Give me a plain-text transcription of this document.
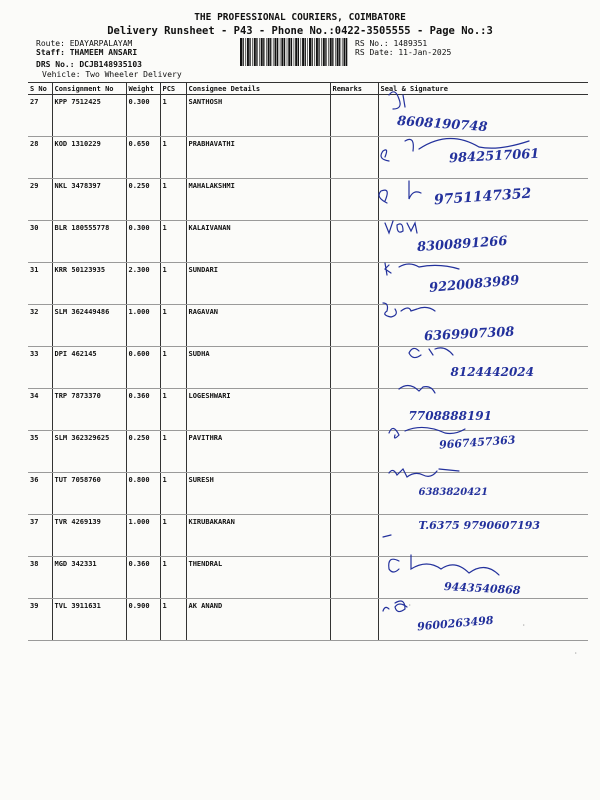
THE PROFESSIONAL COURIERS, COIMBATORE
Delivery Runsheet - P43 - Phone No.:0422-3505555 - Page No.:3
Route: EDAYARPALAYAM
Staff: THAMEEM ANSARI
DRS No.: DCJB148935103
Vehicle: Two Wheeler Delivery
RS No.: 1489351
RS Date: 11-Jan-2025
S No	Consignment No	Weight	PCS	Consignee Details	Remarks	Seal & Signature
27	KPP 7512425	0.300	1	SANTHOSH		8608190748

28	KOD 1310229	0.650	1	PRABHAVATHI		9842517061

29	NKL 3478397	0.250	1	MAHALAKSHMI		9751147352

30	BLR 180555778	0.300	1	KALAIVANAN		8300891266

31	KRR 50123935	2.300	1	SUNDARI		9220083989

32	SLM 362449486	1.000	1	RAGAVAN		6369907308

33	DPI 462145	0.600	1	SUDHA		8124442024

34	TRP 7873370	0.360	1	LOGESHWARI		7708888191

35	SLM 362329625	0.250	1	PAVITHRA		9667457363

36	TUT 7058760	0.800	1	SURESH		6383820421

37	TVR 4269139	1.000	1	KIRUBAKARAN		T.6375 9790607193

38	MGD 342331	0.360	1	THENDRAL		9443540868

39	TVL 3911631	0.900	1	AK ANAND		9600263498
·
·
·
